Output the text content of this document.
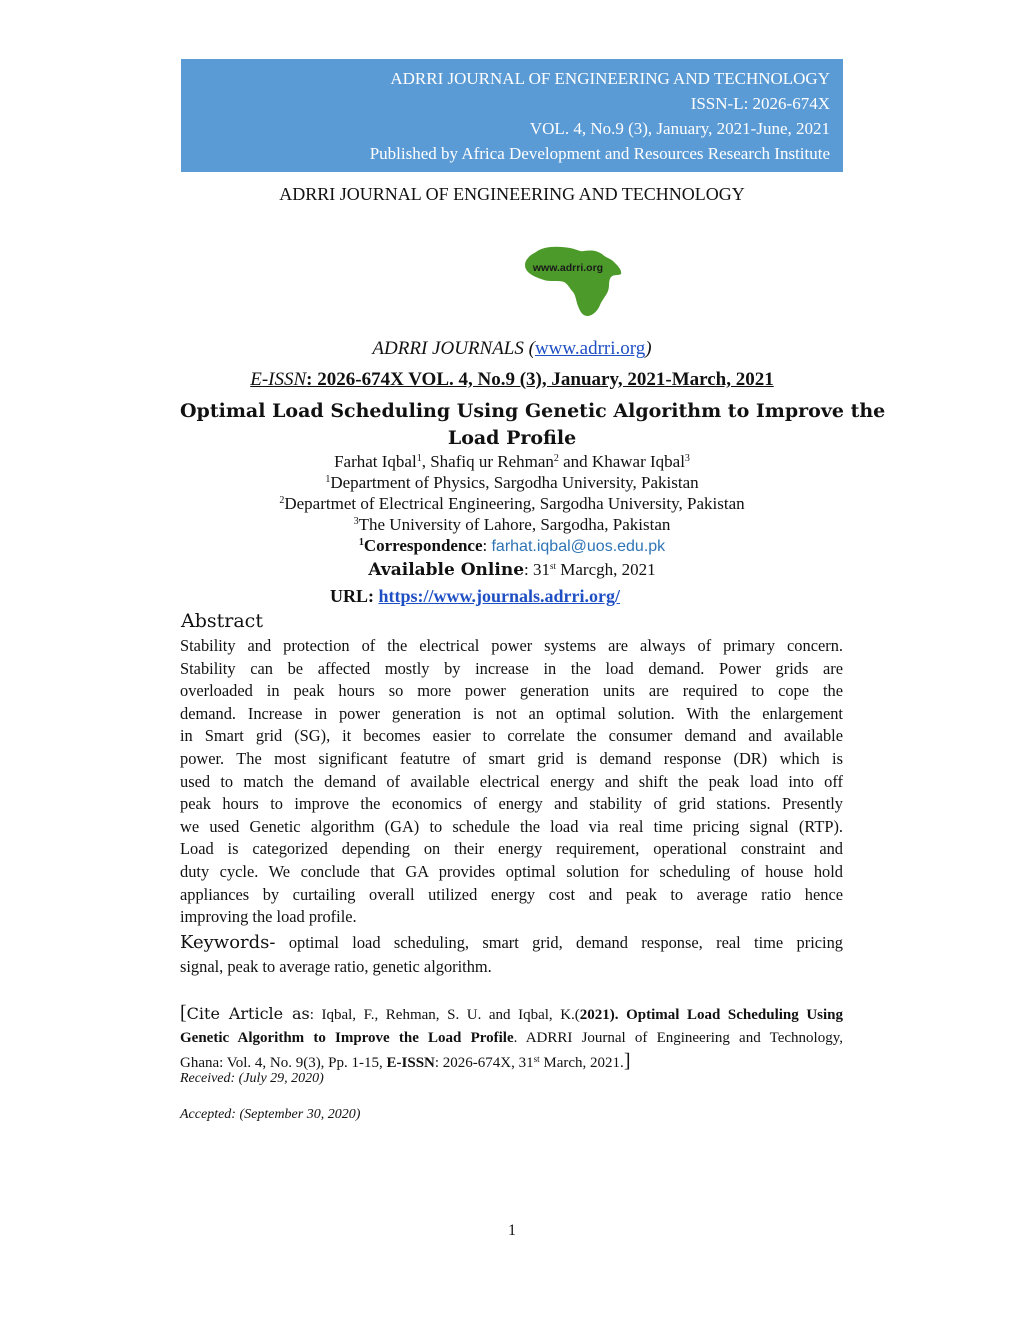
ADRRI JOURNAL OF ENGINEERING AND TECHNOLOGY
ISSN-L: 2026-674X
VOL. 4, No.9 (3), January, 2021-June, 2021
Published by Africa Development and Resources Research Institute
ADRRI JOURNAL OF ENGINEERING AND TECHNOLOGY
www.adrri.org
ADRRI JOURNALS (www.adrri.org)
E-ISSN: 2026-674X VOL. 4, No.9 (3), January, 2021-March, 2021
Optimal Load Scheduling Using Genetic Algorithm to Improve the
Load Profile
Farhat Iqbal$^1$, Shafiq ur Rehman$^2$ and Khawar Iqbal$^3$
$^1$Department of Physics, Sargodha University, Pakistan
$^2$Departmet of Electrical Engineering, Sargodha University, Pakistan
$^3$The University of Lahore, Sargodha, Pakistan
$^1$Correspondence: farhat.iqbal@uos.edu.pk
Available Online: 31st Marcgh, 2021
URL: https://www.journals.adrri.org/
Abstract
Stability and protection of the electrical power systems are always of primary concern.
Stability can be affected mostly by increase in the load demand. Power grids are
overloaded in peak hours so more power generation units are required to cope the
demand. Increase in power generation is not an optimal solution. With the enlargement
in Smart grid (SG), it becomes easier to correlate the consumer demand and available
power. The most significant featutre of smart grid is demand response (DR) which is
used to match the demand of available electrical energy and shift the peak load into off
peak hours to improve the economics of energy and stability of grid stations. Presently
we used Genetic algorithm (GA) to schedule the load via real time pricing signal (RTP).
Load is categorized depending on their energy requirement, operational constraint and
duty cycle. We conclude that GA provides optimal solution for scheduling of house hold
appliances by curtailing overall utilized energy cost and peak to average ratio hence
improving the load profile.
Keywords- optimal load scheduling, smart grid, demand response, real time pricing
signal, peak to average ratio, genetic algorithm.
[Cite Article as: Iqbal, F., Rehman, S. U. and Iqbal, K.(2021). Optimal Load Scheduling Using
Genetic Algorithm to Improve the Load Profile. ADRRI Journal of Engineering and Technology,
Ghana: Vol. 4, No. 9(3), Pp. 1-15, E-ISSN: 2026-674X, 31st March, 2021.]
Received: (July 29, 2020)
Accepted: (September 30, 2020)
1
